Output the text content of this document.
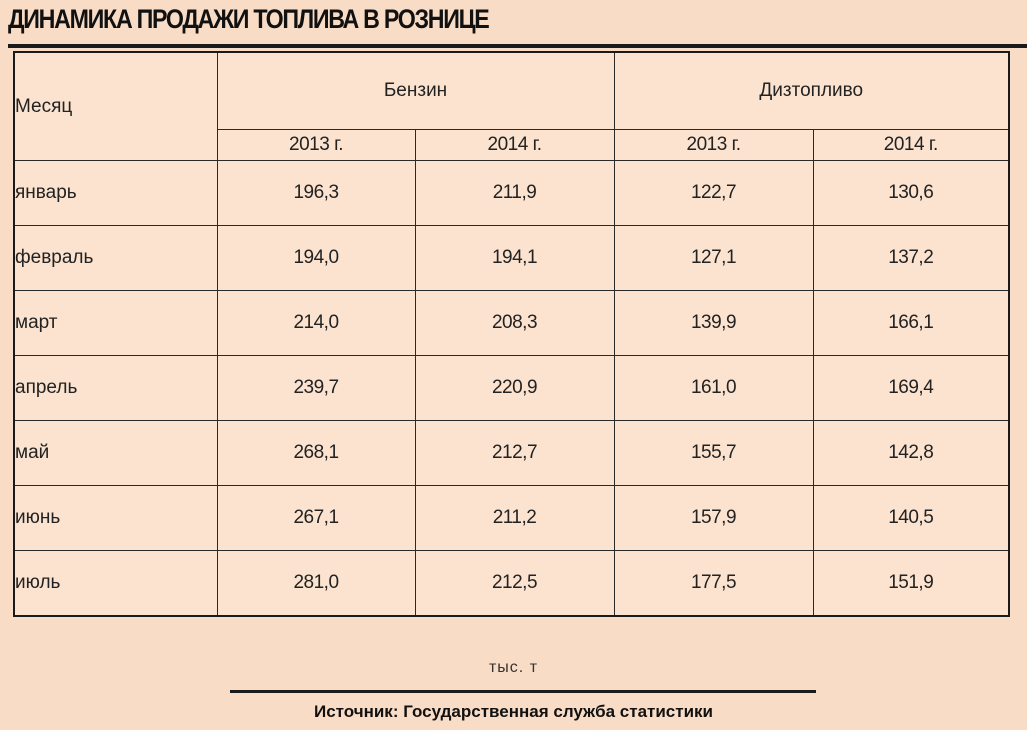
ДИНАМИКА ПРОДАЖИ ТОПЛИВА В РОЗНИЦЕ
Месяц	Бензин		Дизтопливо	
	2013 г.	2014 г.	2013 г.	2014 г.
январь	196,3	211,9	122,7	130,6
февраль	194,0	194,1	127,1	137,2
март	214,0	208,3	139,9	166,1
апрель	239,7	220,9	161,0	169,4
май	268,1	212,7	155,7	142,8
июнь	267,1	211,2	157,9	140,5
июль	281,0	212,5	177,5	151,9
тыс. т
Источник: Государственная служба статистики
